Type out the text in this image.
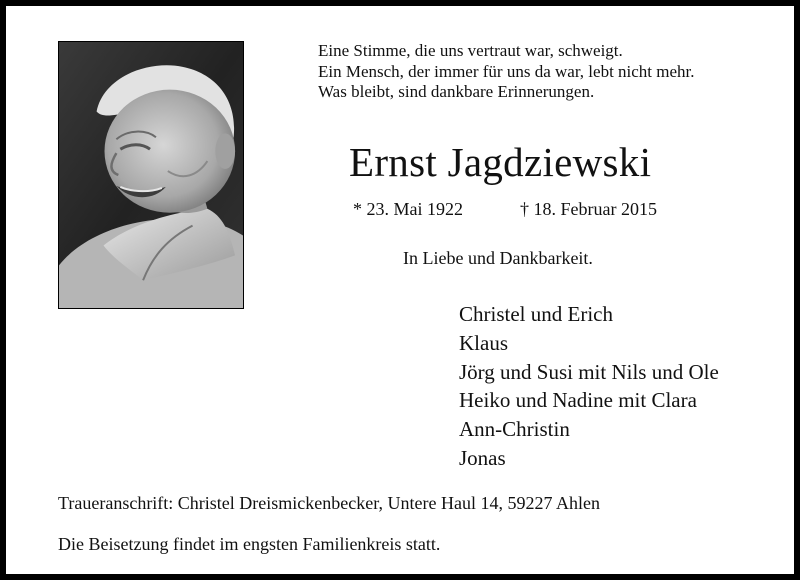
Eine Stimme, die uns vertraut war, schweigt.
Ein Mensch, der immer für uns da war, lebt nicht mehr.
Was bleibt, sind dankbare Erinnerungen.
Ernst Jagdziewski
* 23. Mai 1922	† 18. Februar 2015
In Liebe und Dankbarkeit.
Christel und Erich
Klaus
Jörg und Susi mit Nils und Ole
Heiko und Nadine mit Clara
Ann-Christin
Jonas
Traueranschrift: Christel Dreismickenbecker, Untere Haul 14, 59227 Ahlen
Die Beisetzung findet im engsten Familienkreis statt.
